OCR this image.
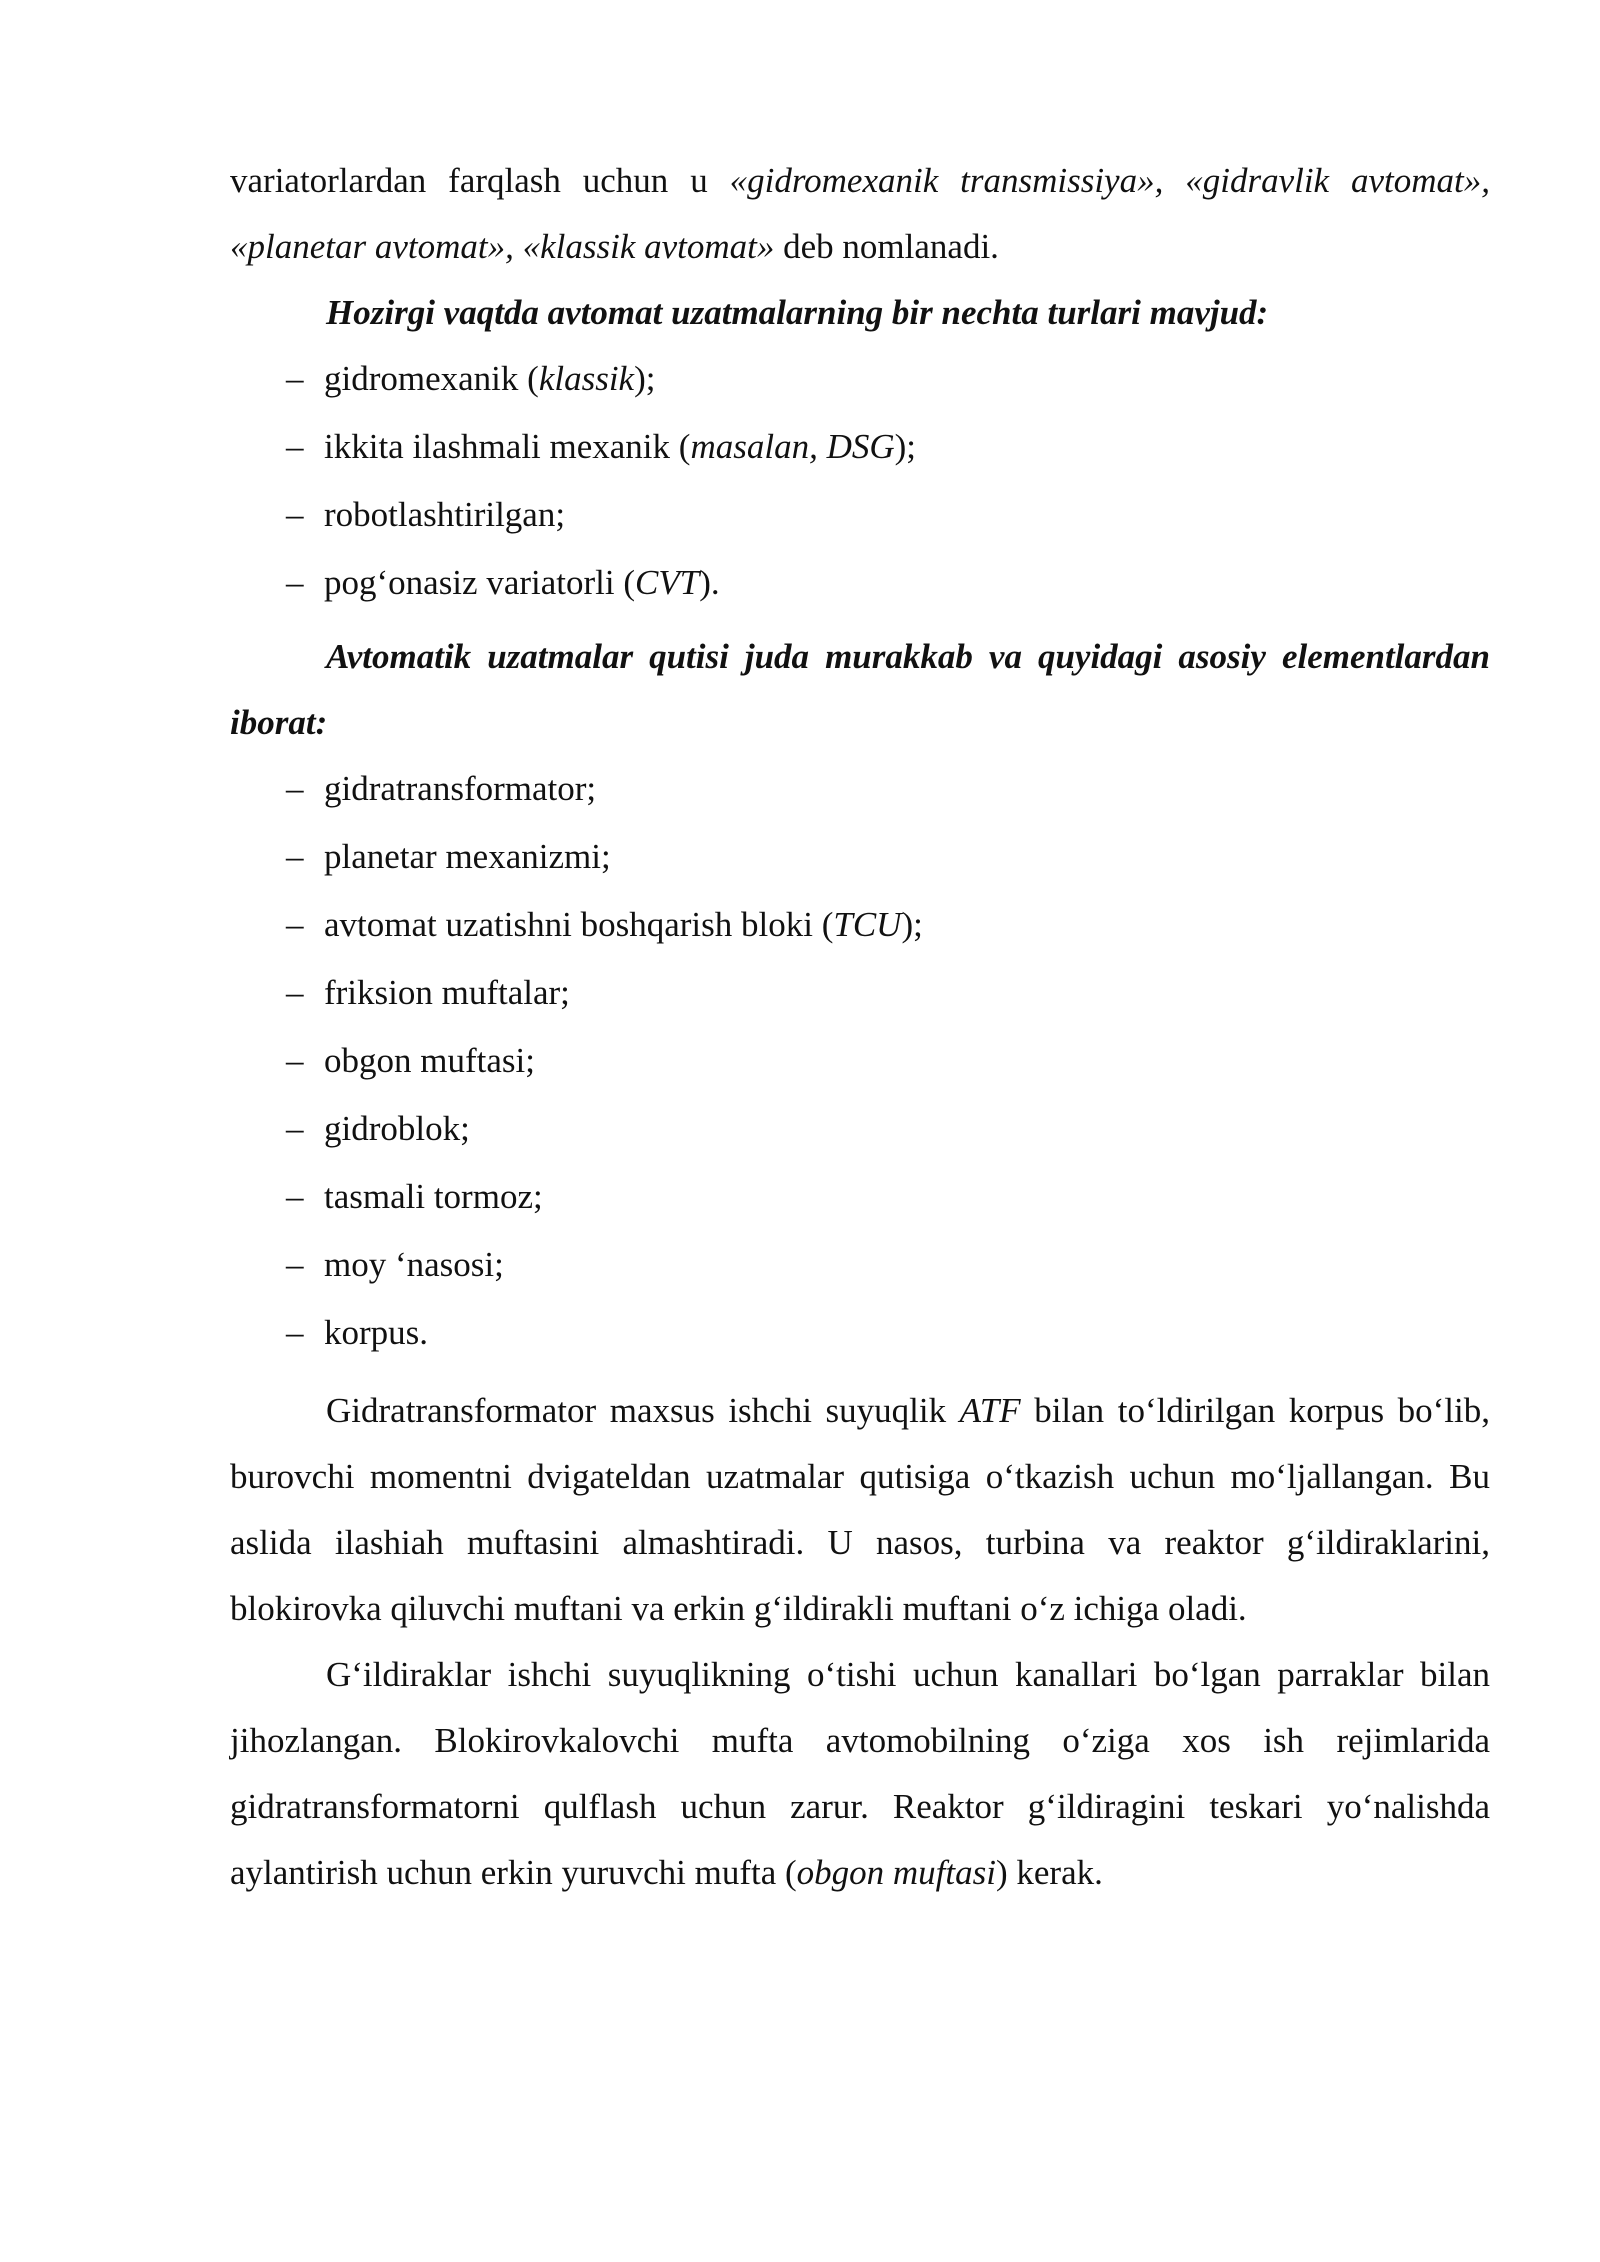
variatorlardan farqlash uchun u «gidromexanik transmissiya», «gidravlik avtomat», «planetar avtomat», «klassik avtomat» deb nomlanadi.

Hozirgi vaqtda avtomat uzatmalarning bir nechta turlari mavjud:

– gidromexanik (klassik);
– ikkita ilashmali mexanik (masalan, DSG);
– robotlashtirilgan;
– pog‘onasiz variatorli (CVT).

Avtomatik uzatmalar qutisi juda murakkab va quyidagi asosiy elementlardan iborat:

– gidratransformator;
– planetar mexanizmi;
– avtomat uzatishni boshqarish bloki (TCU);
– friksion muftalar;
– obgon muftasi;
– gidroblok;
– tasmali tormoz;
– moy ‘nasosi;
– korpus.

Gidratransformator maxsus ishchi suyuqlik ATF bilan to‘ldirilgan korpus bo‘lib, burovchi momentni dvigateldan uzatmalar qutisiga o‘tkazish uchun mo‘ljallangan. Bu aslida ilashiah muftasini almashtiradi. U nasos, turbina va reaktor g‘ildiraklarini, blokirovka qiluvchi muftani va erkin g‘ildirakli muftani o‘z ichiga oladi.

G‘ildiraklar ishchi suyuqlikning o‘tishi uchun kanallari bo‘lgan parraklar bilan jihozlangan. Blokirovkalovchi mufta avtomobilning o‘ziga xos ish rejimlarida gidratransformatorni qulflash uchun zarur. Reaktor g‘ildiragini teskari yo‘nalishda aylantirish uchun erkin yuruvchi mufta (obgon muftasi) kerak.
